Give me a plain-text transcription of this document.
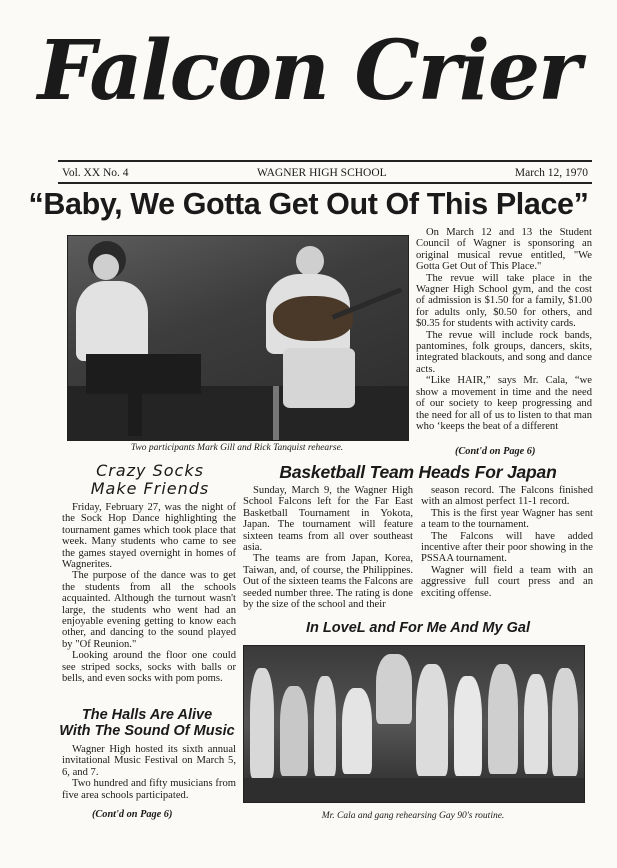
Falcon Crier
Vol. XX No. 4	WAGNER HIGH SCHOOL	March 12, 1970
“Baby, We Gotta Get Out Of This Place”
Two participants Mark Gill and Rick Tanquist rehearse.

On March 12 and 13 the Student Council of Wagner is sponsoring an original musical revue entitled, "We Gotta Get Out of This Place."

The revue will take place in the Wagner High School gym, and the cost of admission is $1.50 for a family, $1.00 for adults only, $0.50 for others, and $0.35 for students with activity cards.

The revue will include rock bands, pantomines, folk groups, dancers, skits, integrated blackouts, and song and dance acts.

“Like HAIR,” says Mr. Cala, “we show a movement in time and the need of our society to keep progressing and the need for all of us to listen to that man who ‘keeps the beat of a different

(Cont'd on Page 6)
Crazy Socks
Make Friends

Friday, February 27, was the night of the Sock Hop Dance highlighting the tournament games which took place that week. Many students who came to see the games stayed overnight in homes of Wagnerites.

The purpose of the dance was to get the students from all the schools acquainted. Although the turnout wasn't large, the students who went had an enjoyable evening getting to know each other, and dancing to the sound played by "Of Reunion."

Looking around the floor one could see striped socks, socks with balls or bells, and even socks with pom poms.

The Halls Are Alive
With The Sound Of Music

Wagner High hosted its sixth annual invitational Music Festival on March 5, 6, and 7.

Two hundred and fifty musicians from five area schools participated.

(Cont'd on Page 6)
Basketball Team Heads For Japan

Sunday, March 9, the Wagner High School Falcons left for the Far East Basketball Tournament in Yokota, Japan. The tournament will feature sixteen teams from all over southeast asia.

The teams are from Japan, Korea, Taiwan, and, of course, the Philippines. Out of the sixteen teams the Falcons are seeded number three. The rating is done by the size of the school and their

season record. The Falcons finished with an almost perfect 11-1 record.

This is the first year Wagner has sent a team to the tournament.

The Falcons will have added incentive after their poor showing in the PSSAA tournament.

Wagner will field a team with an aggressive full court press and an exciting offense.

In LoveL and For Me And My Gal
Mr. Cala and gang rehearsing Gay 90's routine.
